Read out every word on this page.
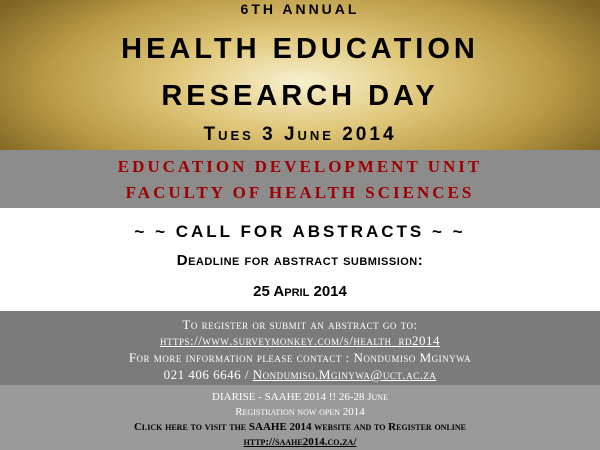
6TH ANNUAL
HEALTH EDUCATION
RESEARCH DAY
Tues 3 June 2014
EDUCATION DEVELOPMENT UNIT
FACULTY OF HEALTH SCIENCES
~ ~ CALL FOR ABSTRACTS ~ ~
Deadline for abstract submission:
25 April 2014
To register or submit an abstract go to:
https://www.surveymonkey.com/s/health_rd2014
For more information please contact : Nondumiso Mginywa
021 406 6646 / Nondumiso.Mginywa@uct.ac.za
DIARISE - SAAHE 2014 !! 26-28 June
Registration now open 2014
Click here to visit the SAAHE 2014 website and to Register online
http://saahe2014.co.za/
